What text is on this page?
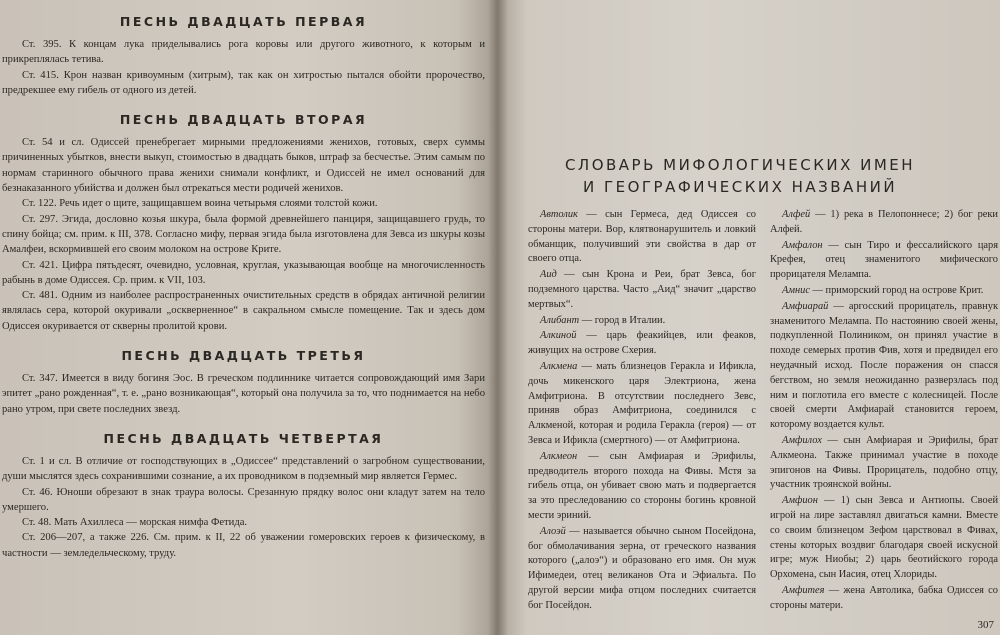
ПЕСНЬ ДВАДЦАТЬ ПЕРВАЯ

Ст. 395. К концам лука приделывались рога коровы или другого животного, к которым и прикреплялась тетива.

Ст. 415. Крон назван кривоумным (хитрым), так как он хитростью пытался обойти пророчество, предрекшее ему гибель от одного из детей.

ПЕСНЬ ДВАДЦАТЬ ВТОРАЯ

Ст. 54 и сл. Одиссей пренебрегает мирными предложениями женихов, готовых, сверх суммы причиненных убытков, внести выкуп, стоимостью в двадцать быков, штраф за бесчестье. Этим самым по нормам старинного обычного права женихи снимали конфликт, и Одиссей не имел оснований для безнаказанного убийства и должен был отрекаться мести родичей женихов.

Ст. 122. Речь идет о щите, защищавшем воина четырьмя слоями толстой кожи.

Ст. 297. Эгида, дословно козья шкура, была формой древнейшего панциря, защищавшего грудь, то спину бойца; см. прим. к III, 378. Согласно мифу, первая эгида была изготовлена для Зевса из шкуры козы Амалфеи, вскормившей его своим молоком на острове Крите.

Ст. 421. Цифра пятьдесят, очевидно, условная, круглая, указывающая вообще на многочисленность рабынь в доме Одиссея. Ср. прим. к VII, 103.

Ст. 481. Одним из наиболее распространенных очистительных средств в обрядах античной религии являлась сера, которой окуривали „оскверненное“ в сакральном смысле помещение. Так и здесь дом Одиссея окуривается от скверны пролитой крови.

ПЕСНЬ ДВАДЦАТЬ ТРЕТЬЯ

Ст. 347. Имеется в виду богиня Эос. В греческом подлиннике читается сопровождающий имя Зари эпитет „рано рожденная“, т. е. „рано возникающая“, который она получила за то, что поднимается на небо рано утром, при свете последних звезд.

ПЕСНЬ ДВАДЦАТЬ ЧЕТВЕРТАЯ

Ст. 1 и сл. В отличие от господствующих в „Одиссее“ представлений о загробном существовании, души мыслятся здесь сохранившими сознание, а их проводником в подземный мир является Гермес.

Ст. 46. Юноши обрезают в знак траура волосы. Срезанную прядку волос они кладут затем на тело умершего.

Ст. 48. Мать Ахиллеса — морская нимфа Фетида.

Ст. 206—207, а также 226. См. прим. к II, 22 об уважении гомеровских героев к физическому, в частности — земледельческому, труду.

СЛОВАРЬ МИФОЛОГИЧЕСКИХ ИМЕН
И ГЕОГРАФИЧЕСКИХ НАЗВАНИЙ

Автолик — сын Гермеса, дед Одиссея со стороны матери. Вор, клятвонарушитель и ловкий обманщик, получивший эти свойства в дар от своего отца.

Аид — сын Крона и Реи, брат Зевса, бог подземного царства. Часто „Аид“ значит „царство мертвых“.

Алибант — город в Италии.

Алкиной — царь феакийцев, или феаков, живущих на острове Схерия.

Алкмена — мать близнецов Геракла и Ификла, дочь микенского царя Электриона, жена Амфитриона. В отсутствии последнего Зевс, приняв образ Амфитриона, соединился с Алкменой, которая и родила Геракла (героя) — от Зевса и Ификла (смертного) — от Амфитриона.

Алкмеон — сын Амфиарая и Эрифилы, предводитель второго похода на Фивы. Мстя за гибель отца, он убивает свою мать и подвергается за это преследованию со стороны богинь кровной мести эриний.

Алоэй — называется обычно сыном Посейдона, бог обмолачивания зерна, от греческого названия которого („алоэ“) и образовано его имя. Он муж Ифимедеи, отец великанов Ота и Эфиальта. По другой версии мифа отцом последних считается бог Посейдон.

Алфей — 1) река в Пелопоннесе; 2) бог реки Алфей.

Амфалон — сын Тиро и фессалийского царя Крефея, отец знаменитого мифического прорицателя Мелампа.

Амнис — приморский город на острове Крит.

Амфиарай — аргосский прорицатель, правнук знаменитого Мелампа. По настоянию своей жены, подкупленной Полиником, он принял участие в походе семерых против Фив, хотя и предвидел его неудачный исход. После поражения он спасся бегством, но земля неожиданно разверзлась под ним и поглотила его вместе с колесницей. После своей смерти Амфиарай становится героем, которому воздается культ.

Амфилох — сын Амфиарая и Эрифилы, брат Алкмеона. Также принимал участие в походе эпигонов на Фивы. Прорицатель, подобно отцу, участник троянской войны.

Амфион — 1) сын Зевса и Антиопы. Своей игрой на лире заставлял двигаться камни. Вместе со своим близнецом Зефом царствовал в Фивах, стены которых воздвиг благодаря своей искусной игре; муж Ниобы; 2) царь беотийского города Орхомена, сын Иасия, отец Хлориды.

Амфитея — жена Автолика, бабка Одиссея со стороны матери.

307
